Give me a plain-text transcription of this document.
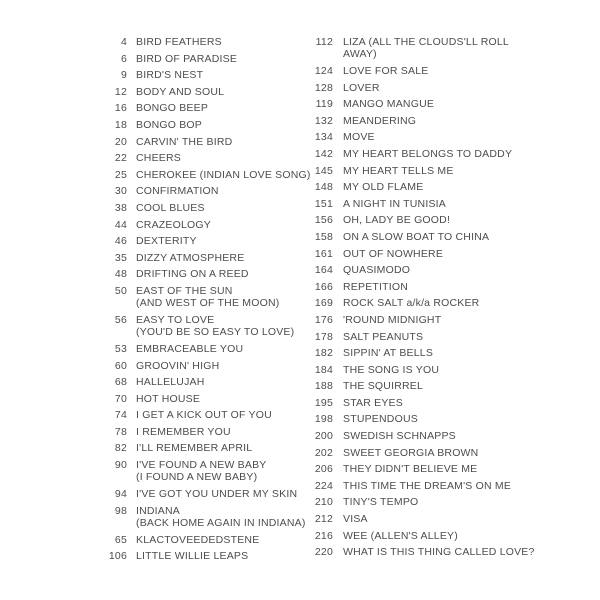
4 BIRD FEATHERS
6 BIRD OF PARADISE
9 BIRD'S NEST
12 BODY AND SOUL
16 BONGO BEEP
18 BONGO BOP
20 CARVIN' THE BIRD
22 CHEERS
25 CHEROKEE (INDIAN LOVE SONG)
30 CONFIRMATION
38 COOL BLUES
44 CRAZEOLOGY
46 DEXTERITY
35 DIZZY ATMOSPHERE
48 DRIFTING ON A REED
50 EAST OF THE SUN
(AND WEST OF THE MOON)
56 EASY TO LOVE
(YOU'D BE SO EASY TO LOVE)
53 EMBRACEABLE YOU
60 GROOVIN' HIGH
68 HALLELUJAH
70 HOT HOUSE
74 I GET A KICK OUT OF YOU
78 I REMEMBER YOU
82 I'LL REMEMBER APRIL
90 I'VE FOUND A NEW BABY
(I FOUND A NEW BABY)
94 I'VE GOT YOU UNDER MY SKIN
98 INDIANA
(BACK HOME AGAIN IN INDIANA)
65 KLACTOVEEDEDSTENE
106 LITTLE WILLIE LEAPS
112 LIZA (ALL THE CLOUDS'LL ROLL AWAY)
124 LOVE FOR SALE
128 LOVER
119 MANGO MANGUE
132 MEANDERING
134 MOVE
142 MY HEART BELONGS TO DADDY
145 MY HEART TELLS ME
148 MY OLD FLAME
151 A NIGHT IN TUNISIA
156 OH, LADY BE GOOD!
158 ON A SLOW BOAT TO CHINA
161 OUT OF NOWHERE
164 QUASIMODO
166 REPETITION
169 ROCK SALT a/k/a ROCKER
176 'ROUND MIDNIGHT
178 SALT PEANUTS
182 SIPPIN' AT BELLS
184 THE SONG IS YOU
188 THE SQUIRREL
195 STAR EYES
198 STUPENDOUS
200 SWEDISH SCHNAPPS
202 SWEET GEORGIA BROWN
206 THEY DIDN'T BELIEVE ME
224 THIS TIME THE DREAM'S ON ME
210 TINY'S TEMPO
212 VISA
216 WEE (ALLEN'S ALLEY)
220 WHAT IS THIS THING CALLED LOVE?
